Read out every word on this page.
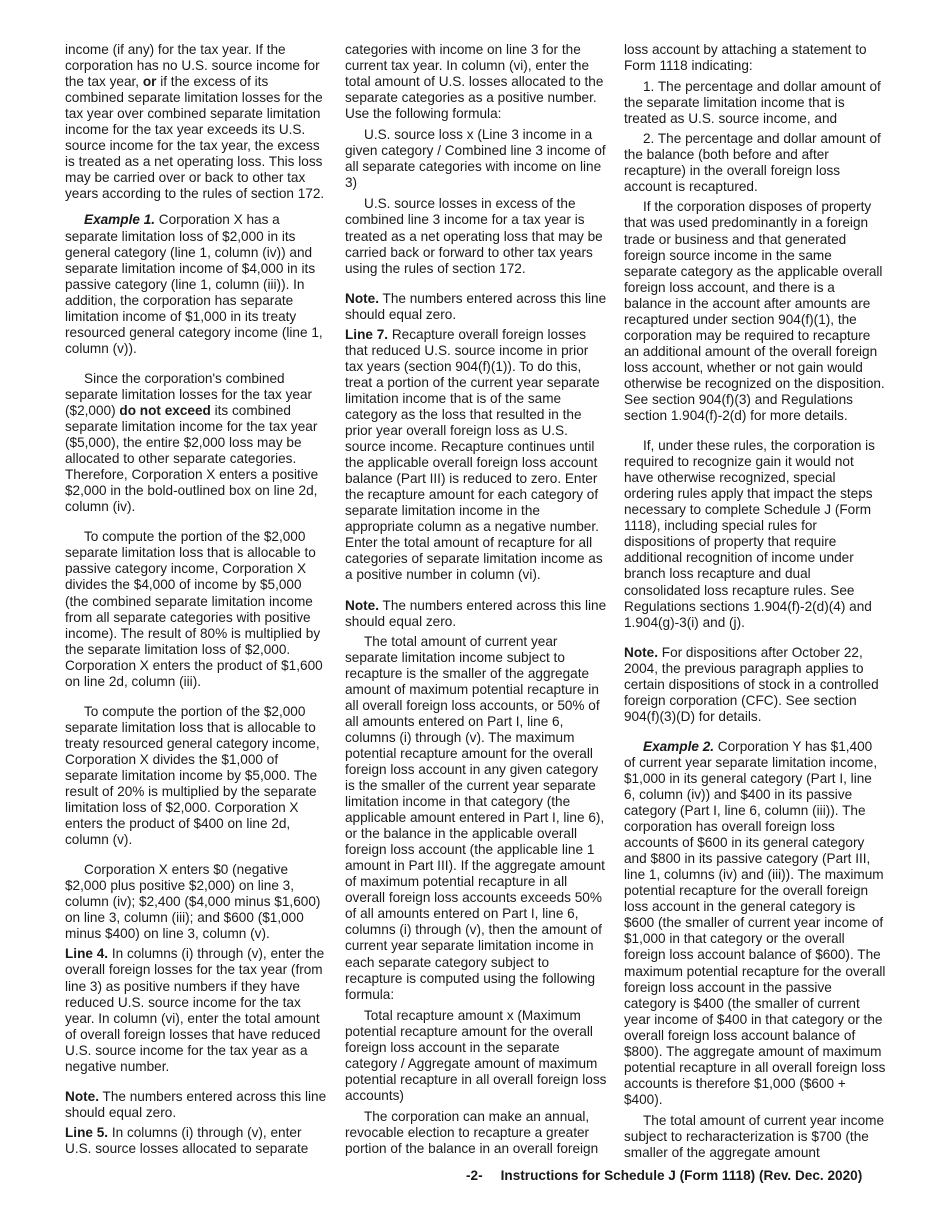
income (if any) for the tax year. If the corporation has no U.S. source income for the tax year, or if the excess of its combined separate limitation losses for the tax year over combined separate limitation income for the tax year exceeds its U.S. source income for the tax year, the excess is treated as a net operating loss. This loss may be carried over or back to other tax years according to the rules of section 172.

Example 1. Corporation X has a separate limitation loss of $2,000 in its general category (line 1, column (iv)) and separate limitation income of $4,000 in its passive category (line 1, column (iii)). In addition, the corporation has separate limitation income of $1,000 in its treaty resourced general category income (line 1, column (v)).

Since the corporation's combined separate limitation losses for the tax year ($2,000) do not exceed its combined separate limitation income for the tax year ($5,000), the entire $2,000 loss may be allocated to other separate categories. Therefore, Corporation X enters a positive $2,000 in the bold-outlined box on line 2d, column (iv).

To compute the portion of the $2,000 separate limitation loss that is allocable to passive category income, Corporation X divides the $4,000 of income by $5,000 (the combined separate limitation income from all separate categories with positive income). The result of 80% is multiplied by the separate limitation loss of $2,000. Corporation X enters the product of $1,600 on line 2d, column (iii).

To compute the portion of the $2,000 separate limitation loss that is allocable to treaty resourced general category income, Corporation X divides the $1,000 of separate limitation income by $5,000. The result of 20% is multiplied by the separate limitation loss of $2,000. Corporation X enters the product of $400 on line 2d, column (v).

Corporation X enters $0 (negative $2,000 plus positive $2,000) on line 3, column (iv); $2,400 ($4,000 minus $1,600) on line 3, column (iii); and $600 ($1,000 minus $400) on line 3, column (v).

Line 4. In columns (i) through (v), enter the overall foreign losses for the tax year (from line 3) as positive numbers if they have reduced U.S. source income for the tax year. In column (vi), enter the total amount of overall foreign losses that have reduced U.S. source income for the tax year as a negative number.

Note. The numbers entered across this line should equal zero.

Line 5. In columns (i) through (v), enter U.S. source losses allocated to separate

categories with income on line 3 for the current tax year. In column (vi), enter the total amount of U.S. losses allocated to the separate categories as a positive number. Use the following formula:

U.S. source loss x (Line 3 income in a given category / Combined line 3 income of all separate categories with income on line 3)

U.S. source losses in excess of the combined line 3 income for a tax year is treated as a net operating loss that may be carried back or forward to other tax years using the rules of section 172.

Note. The numbers entered across this line should equal zero.

Line 7. Recapture overall foreign losses that reduced U.S. source income in prior tax years (section 904(f)(1)). To do this, treat a portion of the current year separate limitation income that is of the same category as the loss that resulted in the prior year overall foreign loss as U.S. source income. Recapture continues until the applicable overall foreign loss account balance (Part III) is reduced to zero. Enter the recapture amount for each category of separate limitation income in the appropriate column as a negative number. Enter the total amount of recapture for all categories of separate limitation income as a positive number in column (vi).

Note. The numbers entered across this line should equal zero.

The total amount of current year separate limitation income subject to recapture is the smaller of the aggregate amount of maximum potential recapture in all overall foreign loss accounts, or 50% of all amounts entered on Part I, line 6, columns (i) through (v). The maximum potential recapture amount for the overall foreign loss account in any given category is the smaller of the current year separate limitation income in that category (the applicable amount entered in Part I, line 6), or the balance in the applicable overall foreign loss account (the applicable line 1 amount in Part III). If the aggregate amount of maximum potential recapture in all overall foreign loss accounts exceeds 50% of all amounts entered on Part I, line 6, columns (i) through (v), then the amount of current year separate limitation income in each separate category subject to recapture is computed using the following formula:

Total recapture amount x (Maximum potential recapture amount for the overall foreign loss account in the separate category / Aggregate amount of maximum potential recapture in all overall foreign loss accounts)

The corporation can make an annual, revocable election to recapture a greater portion of the balance in an overall foreign

loss account by attaching a statement to Form 1118 indicating:

1. The percentage and dollar amount of the separate limitation income that is treated as U.S. source income, and

2. The percentage and dollar amount of the balance (both before and after recapture) in the overall foreign loss account is recaptured.

If the corporation disposes of property that was used predominantly in a foreign trade or business and that generated foreign source income in the same separate category as the applicable overall foreign loss account, and there is a balance in the account after amounts are recaptured under section 904(f)(1), the corporation may be required to recapture an additional amount of the overall foreign loss account, whether or not gain would otherwise be recognized on the disposition. See section 904(f)(3) and Regulations section 1.904(f)-2(d) for more details.

If, under these rules, the corporation is required to recognize gain it would not have otherwise recognized, special ordering rules apply that impact the steps necessary to complete Schedule J (Form 1118), including special rules for dispositions of property that require additional recognition of income under branch loss recapture and dual consolidated loss recapture rules. See Regulations sections 1.904(f)-2(d)(4) and 1.904(g)-3(i) and (j).

Note. For dispositions after October 22, 2004, the previous paragraph applies to certain dispositions of stock in a controlled foreign corporation (CFC). See section 904(f)(3)(D) for details.

Example 2. Corporation Y has $1,400 of current year separate limitation income, $1,000 in its general category (Part I, line 6, column (iv)) and $400 in its passive category (Part I, line 6, column (iii)). The corporation has overall foreign loss accounts of $600 in its general category and $800 in its passive category (Part III, line 1, columns (iv) and (iii)). The maximum potential recapture for the overall foreign loss account in the general category is $600 (the smaller of current year income of $1,000 in that category or the overall foreign loss account balance of $600). The maximum potential recapture for the overall foreign loss account in the passive category is $400 (the smaller of current year income of $400 in that category or the overall foreign loss account balance of $800). The aggregate amount of maximum potential recapture in all overall foreign loss accounts is therefore $1,000 ($600 + $400).

The total amount of current year income subject to recharacterization is $700 (the smaller of the aggregate amount

-2- Instructions for Schedule J (Form 1118) (Rev. Dec. 2020)
